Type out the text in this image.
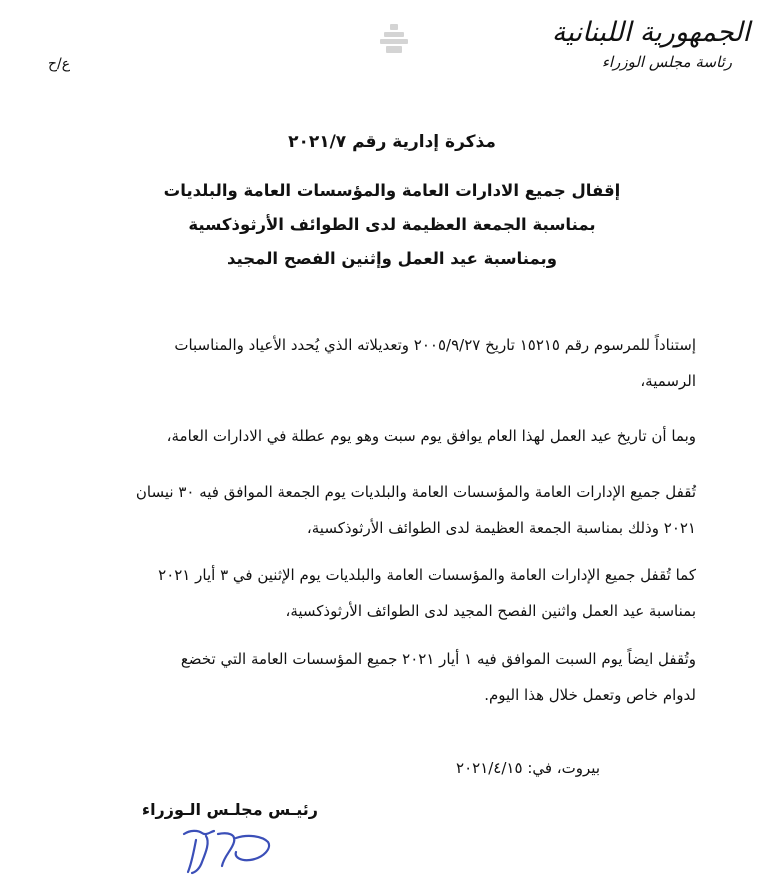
الجمهورية اللبنانية
رئاسة مجلس الوزراء
ع/ح
مذكرة إدارية رقم ٢٠٢١/٧
إقفال جميع الادارات العامة والمؤسسات العامة والبلديات
بمناسبة الجمعة العظيمة لدى الطوائف الأرثوذكسية
وبمناسبة عيد العمل وإثنين الفصح المجيد
إستناداً للمرسوم رقم ١٥٢١٥ تاريخ ٢٠٠٥/٩/٢٧ وتعديلاته الذي يُحدد الأعياد والمناسبات
الرسمية،
وبما أن تاريخ عيد العمل لهذا العام يوافق يوم سبت وهو يوم عطلة في الادارات العامة،
تُقفل جميع الإدارات العامة والمؤسسات العامة والبلديات يوم الجمعة الموافق فيه ٣٠ نيسان
٢٠٢١ وذلك بمناسبة الجمعة العظيمة لدى الطوائف الأرثوذكسية،
كما تُقفل جميع الإدارات العامة والمؤسسات العامة والبلديات يوم الإثنين في ٣ أيار ٢٠٢١
بمناسبة عيد العمل واثنين الفصح المجيد لدى الطوائف الأرثوذكسية،
وتُقفل ايضاً يوم السبت الموافق فيه ١ أيار ٢٠٢١ جميع المؤسسات العامة التي تخضع
لدوام خاص وتعمل خلال هذا اليوم.
بيروت، في: ٢٠٢١/٤/١٥
رئيـس مجلـس الـوزراء
